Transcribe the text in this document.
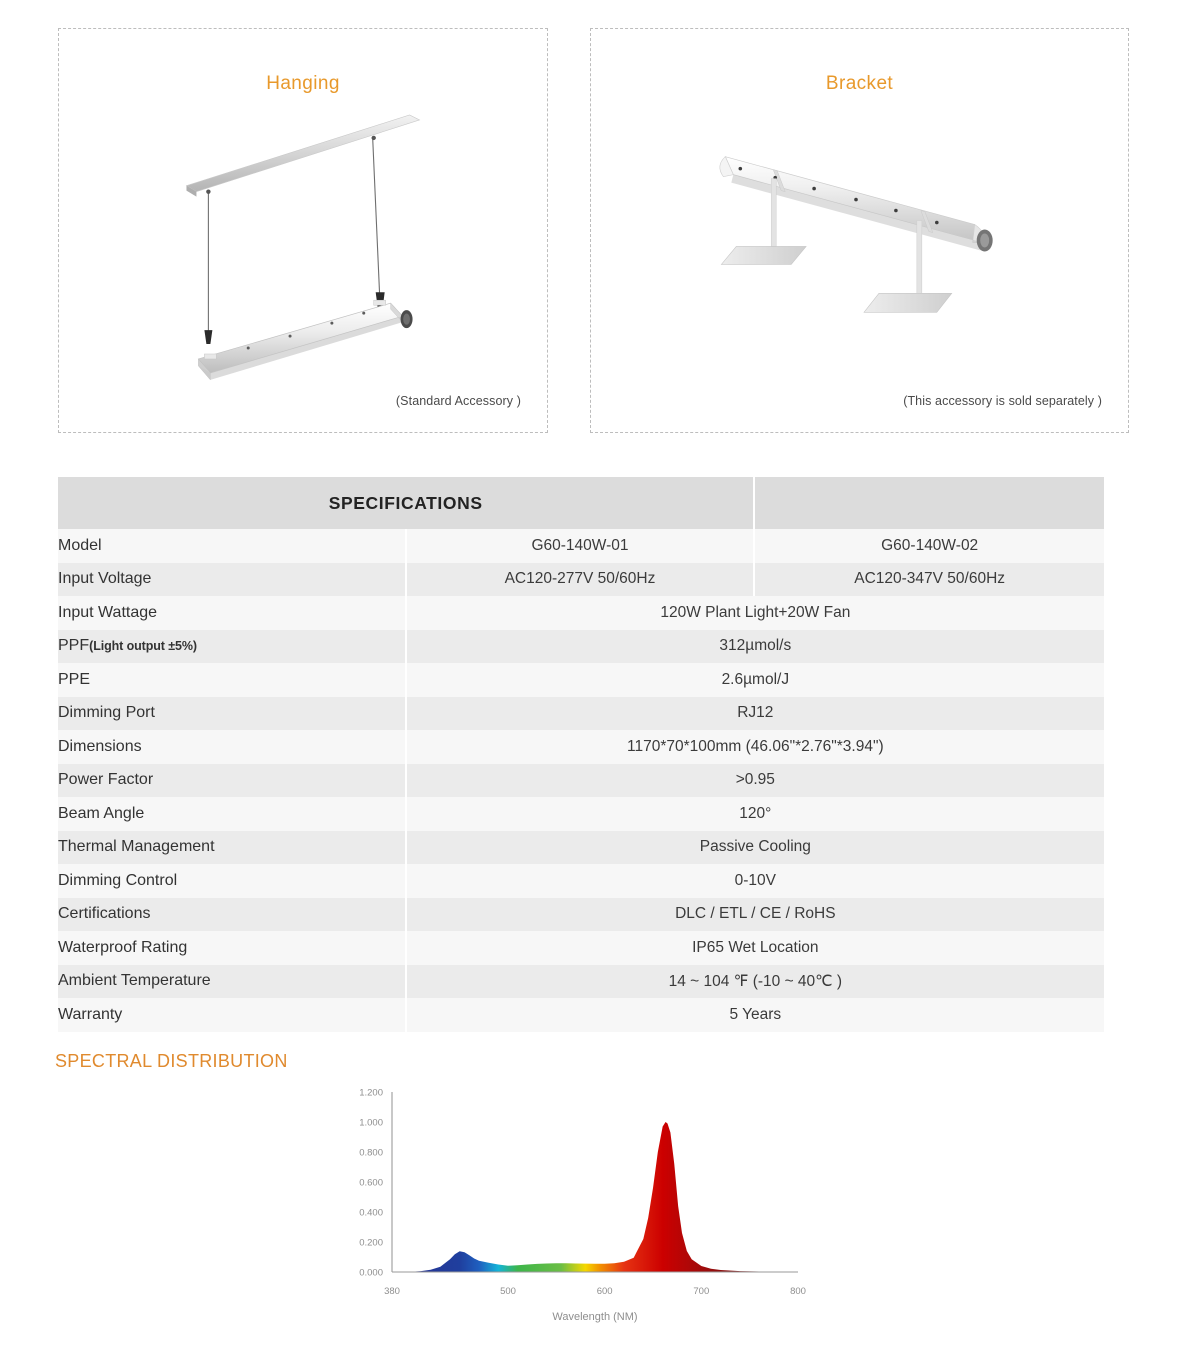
Hanging
(Standard Accessory )
Bracket
(This accessory is sold separately )
SPECIFICATIONS		
Model	G60-140W-01	G60-140W-02
Input Voltage	AC120-277V 50/60Hz	AC120-347V 50/60Hz
Input Wattage	120W Plant Light+20W Fan	
PPF(Light output ±5%)	312µmol/s	
PPE	2.6µmol/J	
Dimming Port	RJ12	
Dimensions	1170*70*100mm (46.06"*2.76"*3.94")	
Power Factor	>0.95	
Beam Angle	120°	
Thermal Management	Passive Cooling	
Dimming Control	0-10V	
Certifications	DLC / ETL / CE / RoHS	
Waterproof Rating	IP65 Wet Location	
Ambient Temperature	14 ~ 104 ℉ (-10 ~ 40℃ )	
Warranty	5 Years	
SPECTRAL DISTRIBUTION
0.000
0.200
0.400
0.600
0.800
1.000
1.200
380	500	600	700	800
Wavelength (NM)
